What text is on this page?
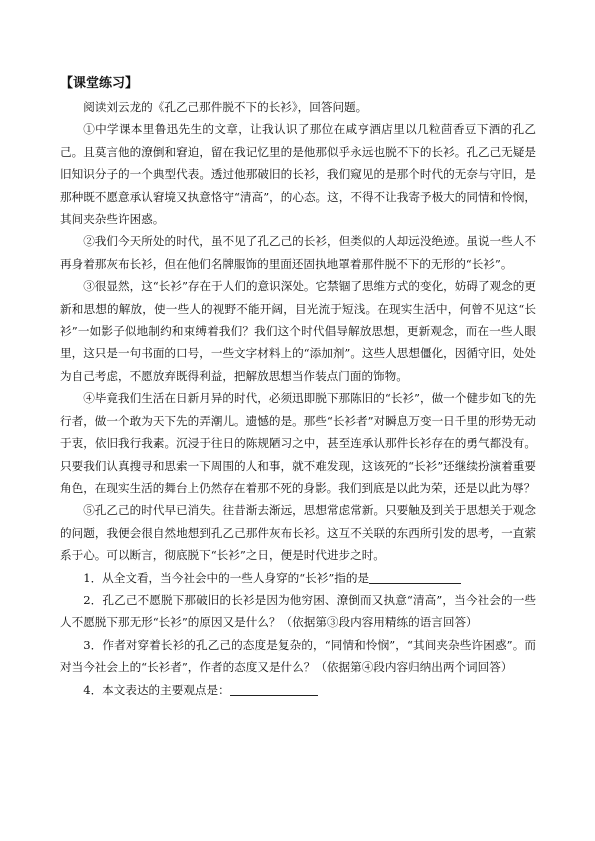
【课堂练习】

阅读刘云龙的《孔乙己那件脱不下的长衫》，回答问题。

①中学课本里鲁迅先生的文章，让我认识了那位在咸亨酒店里以几粒茴香豆下酒的孔乙己。且莫言他的潦倒和窘迫，留在我记忆里的是他那似乎永远也脱不下的长衫。孔乙己无疑是旧知识分子的一个典型代表。透过他那破旧的长衫，我们窥见的是那个时代的无奈与守旧，是那种既不愿意承认窘境又执意恪守“清高”，的心态。这，不得不让我寄予极大的同情和怜悯，其间夹杂些许困惑。

②我们今天所处的时代，虽不见了孔乙己的长衫，但类似的人却远没绝迹。虽说一些人不再身着那灰布长衫，但在他们名牌服饰的里面还固执地罩着那件脱不下的无形的“长衫”。

③很显然，这“长衫”存在于人们的意识深处。它禁锢了思维方式的变化，妨碍了观念的更新和思想的解放，使一些人的视野不能开阔，目光流于短浅。在现实生活中，何曾不见这“长衫”一如影子似地制约和束缚着我们？我们这个时代倡导解放思想，更新观念，而在一些人眼里，这只是一句书面的口号，一些文字材料上的“添加剂”。这些人思想僵化，因循守旧，处处为自己考虑，不愿放弃既得利益，把解放思想当作装点门面的饰物。

④毕竟我们生活在日新月异的时代，必须迅即脱下那陈旧的“长衫”，做一个健步如飞的先行者，做一个敢为天下先的弄潮儿。遗憾的是。那些“长衫者”对瞬息万变一日千里的形势无动于衷，依旧我行我素。沉浸于往日的陈规陋习之中，甚至连承认那件长衫存在的勇气都没有。只要我们认真搜寻和思索一下周围的人和事，就不难发现，这该死的“长衫”还继续扮演着重要角色，在现实生活的舞台上仍然存在着那不死的身影。我们到底是以此为荣，还是以此为辱？

⑤孔乙己的时代早已消失。往昔渐去渐远，思想常虑常新。只要触及到关于思想关于观念的问题，我便会很自然地想到孔乙己那件灰布长衫。这互不关联的东西所引发的思考，一直萦系于心。可以断言，彻底脱下“长衫”之日，便是时代进步之时。

1．从全文看，当今社会中的一些人身穿的“长衫”指的是

2．孔乙己不愿脱下那破旧的长衫是因为他穷困、潦倒而又执意“清高”，当今社会的一些人不愿脱下那无形“长衫”的原因又是什么？（依据第③段内容用精练的语言回答）

3．作者对穿着长衫的孔乙己的态度是复杂的，“同情和怜悯”，“其间夹杂些许困惑”。而对当今社会上的“长衫者”，作者的态度又是什么？（依据第④段内容归纳出两个词回答）

4．本文表达的主要观点是：
